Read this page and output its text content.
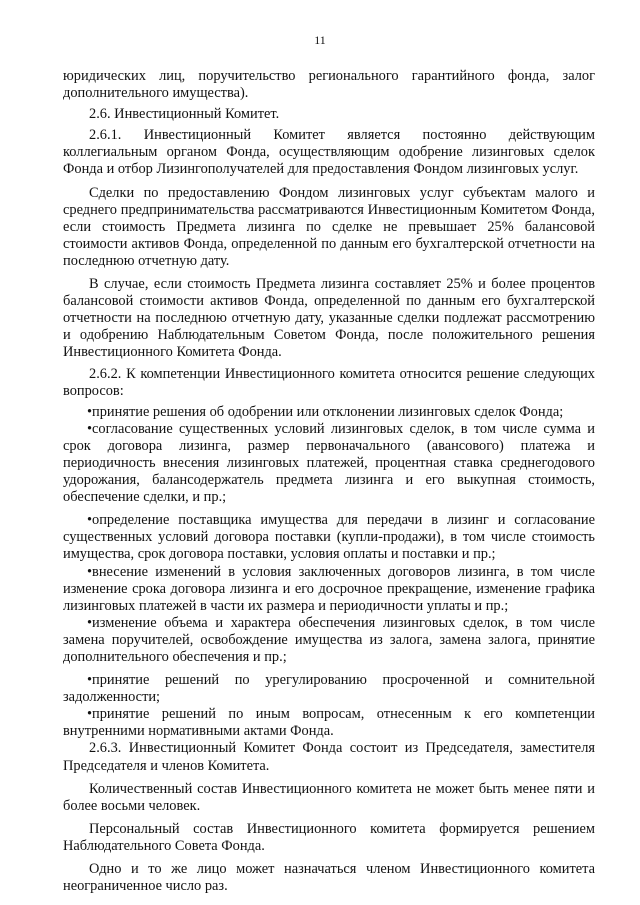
11

юридических лиц, поручительство регионального гарантийного фонда, залог дополнительного имущества).

2.6. Инвестиционный Комитет.

2.6.1. Инвестиционный Комитет является постоянно действующим коллегиальным органом Фонда, осуществляющим одобрение лизинговых сделок Фонда и отбор Лизингополучателей для предоставления Фондом лизинговых услуг.

Сделки по предоставлению Фондом лизинговых услуг субъектам малого и среднего предпринимательства рассматриваются Инвестиционным Комитетом Фонда, если стоимость Предмета лизинга по сделке не превышает 25% балансовой стоимости активов Фонда, определенной по данным его бухгалтерской отчетности на последнюю отчетную дату.

В случае, если стоимость Предмета лизинга составляет 25% и более процентов балансовой стоимости активов Фонда, определенной по данным его бухгалтерской отчетности на последнюю отчетную дату, указанные сделки подлежат рассмотрению и одобрению Наблюдательным Советом Фонда, после положительного решения Инвестиционного Комитета Фонда.

2.6.2. К компетенции Инвестиционного комитета относится решение следующих вопросов:

•принятие решения об одобрении или отклонении лизинговых сделок Фонда;

•согласование существенных условий лизинговых сделок, в том числе сумма и срок договора лизинга, размер первоначального (авансового) платежа и периодичность внесения лизинговых платежей, процентная ставка среднегодового удорожания, балансодержатель предмета лизинга и его выкупная стоимость, обеспечение сделки, и пр.;

•определение поставщика имущества для передачи в лизинг и согласование существенных условий договора поставки (купли-продажи), в том числе стоимость имущества, срок договора поставки, условия оплаты и поставки и пр.;

•внесение изменений в условия заключенных договоров лизинга, в том числе изменение срока договора лизинга и его досрочное прекращение, изменение графика лизинговых платежей в части их размера и периодичности уплаты и пр.;

•изменение объема и характера обеспечения лизинговых сделок, в том числе замена поручителей, освобождение имущества из залога, замена залога, принятие дополнительного обеспечения и пр.;

•принятие решений по урегулированию просроченной и сомнительной задолженности;

•принятие решений по иным вопросам, отнесенным к его компетенции внутренними нормативными актами Фонда.

2.6.3. Инвестиционный Комитет Фонда состоит из Председателя, заместителя Председателя и членов Комитета.

Количественный состав Инвестиционного комитета не может быть менее пяти и более восьми человек.

Персональный состав Инвестиционного комитета формируется решением Наблюдательного Совета Фонда.

Одно и то же лицо может назначаться членом Инвестиционного комитета неограниченное число раз.
